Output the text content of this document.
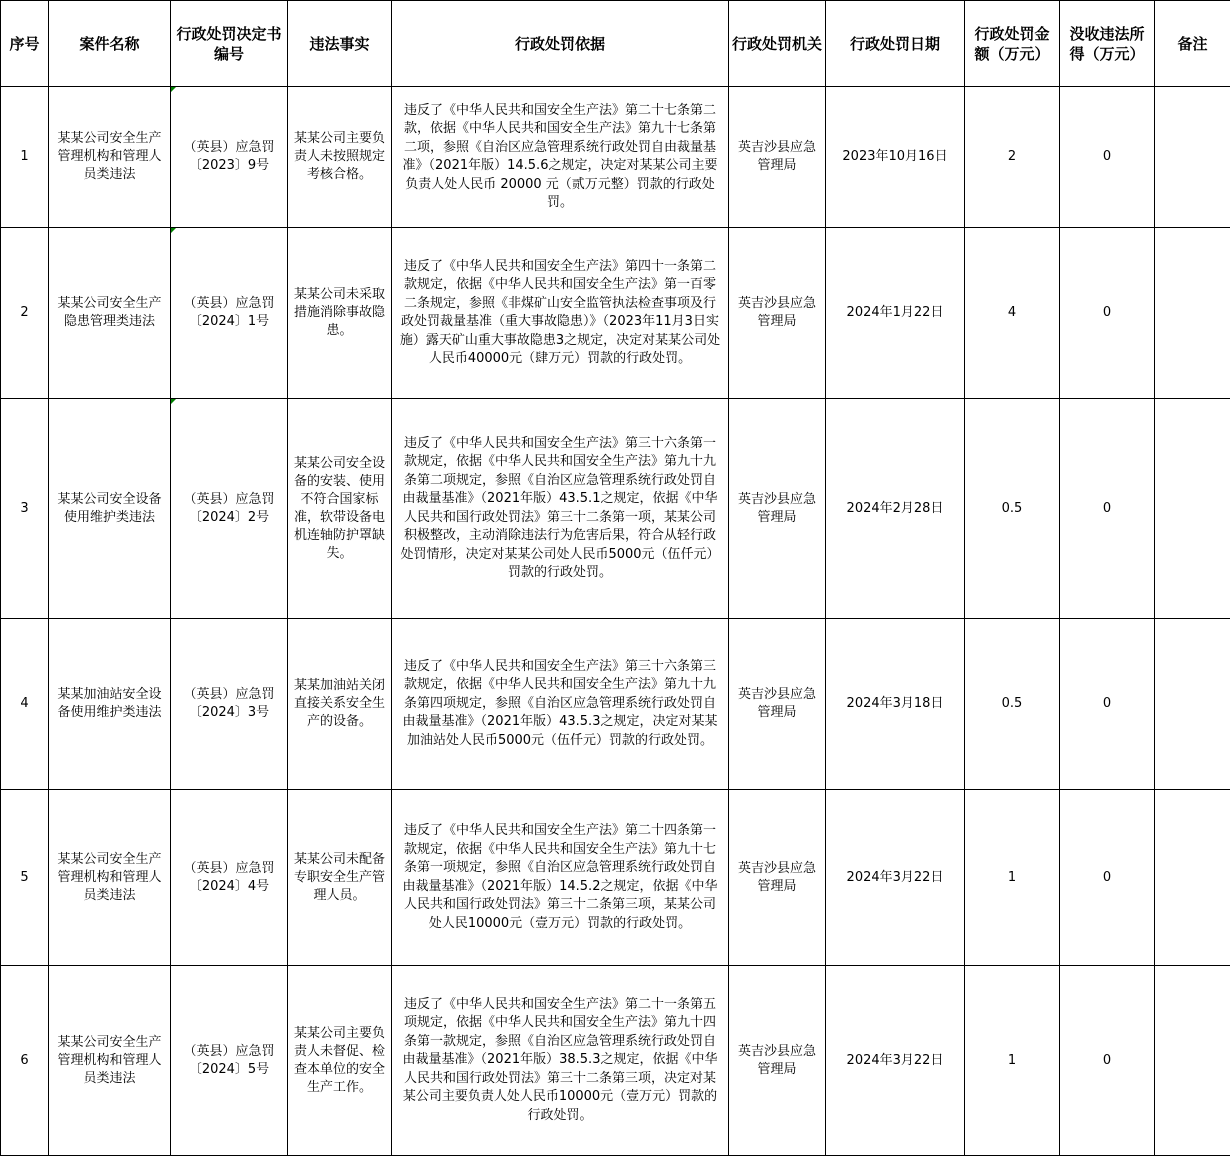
序号	案件名称	行政处罚决定书编号	违法事实	行政处罚依据	行政处罚机关	行政处罚日期	行政处罚金额（万元）	没收违法所得（万元）	备注
1	某某公司安全生产管理机构和管理人员类违法	（英县）应急罚〔2023〕9号	某某公司主要负责人未按照规定考核合格。	违反了《中华人民共和国安全生产法》第二十七条第二款，依据《中华人民共和国安全生产法》第九十七条第二项，参照《自治区应急管理系统行政处罚自由裁量基准》（2021年版）14.5.6之规定，决定对某某公司主要负责人处人民币 20000 元（贰万元整）罚款的行政处罚。	英吉沙县应急管理局	2023年10月16日	2	0	
2	某某公司安全生产隐患管理类违法	（英县）应急罚〔2024〕1号	某某公司未采取措施消除事故隐患。	违反了《中华人民共和国安全生产法》第四十一条第二款规定，依据《中华人民共和国安全生产法》第一百零二条规定，参照《非煤矿山安全监管执法检查事项及行政处罚裁量基准（重大事故隐患）》（2023年11月3日实施）露天矿山重大事故隐患3之规定，决定对某某公司处人民币40000元（肆万元）罚款的行政处罚。	英吉沙县应急管理局	2024年1月22日	4	0	
3	某某公司安全设备使用维护类违法	（英县）应急罚〔2024〕2号	某某公司安全设备的安装、使用不符合国家标准，软带设备电机连轴防护罩缺失。	违反了《中华人民共和国安全生产法》第三十六条第一款规定，依据《中华人民共和国安全生产法》第九十九条第二项规定，参照《自治区应急管理系统行政处罚自由裁量基准》（2021年版）43.5.1之规定，依据《中华人民共和国行政处罚法》第三十二条第一项，某某公司积极整改，主动消除违法行为危害后果，符合从轻行政处罚情形，决定对某某公司处人民币5000元（伍仟元）罚款的行政处罚。	英吉沙县应急管理局	2024年2月28日	0.5	0	
4	某某加油站安全设备使用维护类违法	（英县）应急罚〔2024〕3号	某某加油站关闭直接关系安全生产的设备。	违反了《中华人民共和国安全生产法》第三十六条第三款规定，依据《中华人民共和国安全生产法》第九十九条第四项规定，参照《自治区应急管理系统行政处罚自由裁量基准》（2021年版）43.5.3之规定，决定对某某加油站处人民币5000元（伍仟元）罚款的行政处罚。	英吉沙县应急管理局	2024年3月18日	0.5	0	
5	某某公司安全生产管理机构和管理人员类违法	（英县）应急罚〔2024〕4号	某某公司未配备专职安全生产管理人员。	违反了《中华人民共和国安全生产法》第二十四条第一款规定，依据《中华人民共和国安全生产法》第九十七条第一项规定，参照《自治区应急管理系统行政处罚自由裁量基准》（2021年版）14.5.2之规定，依据《中华人民共和国行政处罚法》第三十二条第三项，某某公司处人民10000元（壹万元）罚款的行政处罚。	英吉沙县应急管理局	2024年3月22日	1	0	
6	某某公司安全生产管理机构和管理人员类违法	（英县）应急罚〔2024〕5号	某某公司主要负责人未督促、检查本单位的安全生产工作。	违反了《中华人民共和国安全生产法》第二十一条第五项规定，依据《中华人民共和国安全生产法》第九十四条第一款规定，参照《自治区应急管理系统行政处罚自由裁量基准》（2021年版）38.5.3之规定，依据《中华人民共和国行政处罚法》第三十二条第三项，决定对某某公司主要负责人处人民币10000元（壹万元）罚款的行政处罚。	英吉沙县应急管理局	2024年3月22日	1	0	
